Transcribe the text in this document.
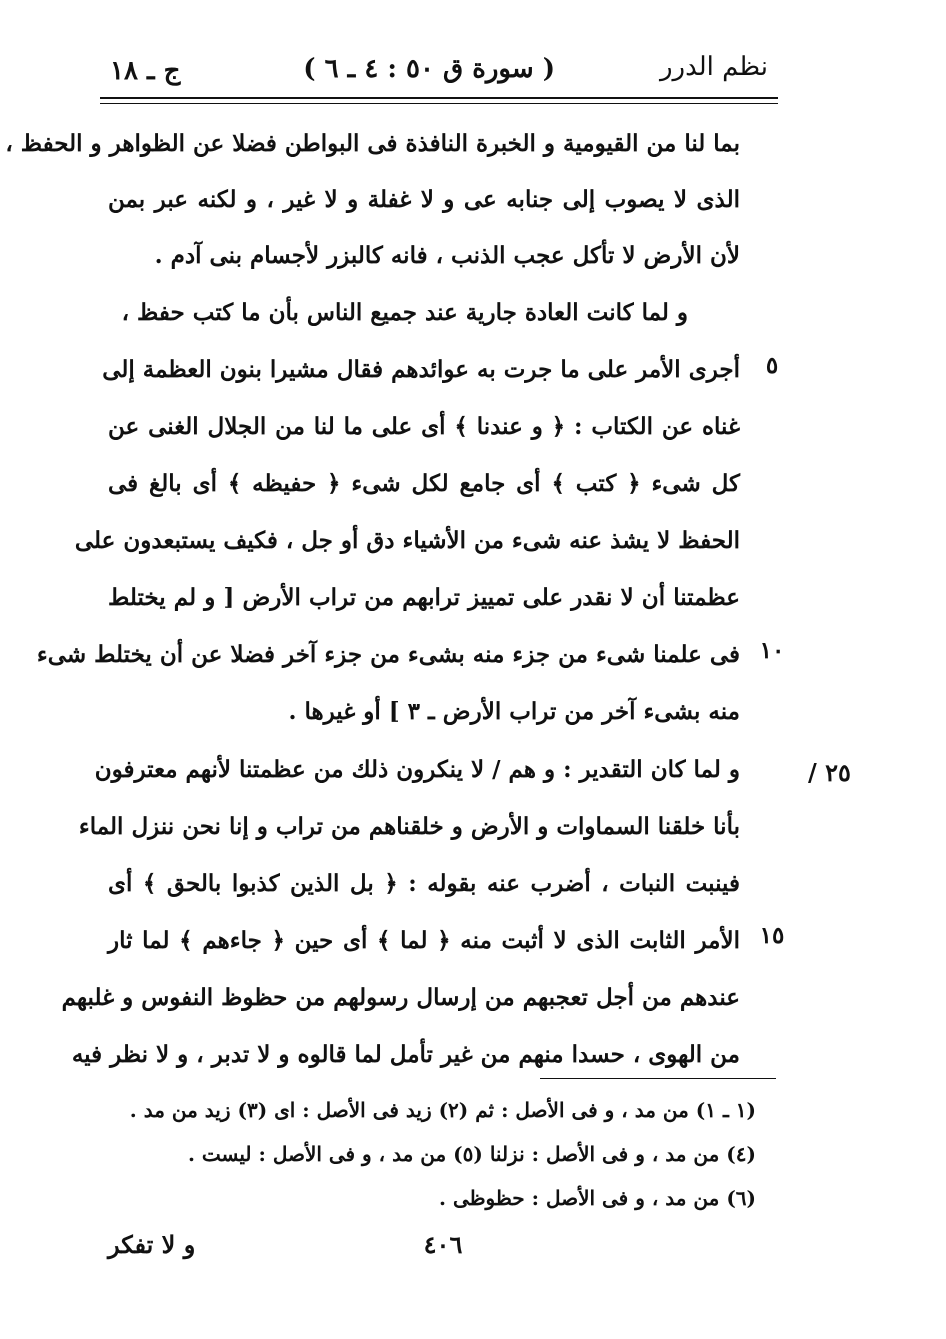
نظم الدرر
( سورة ق ٥٠ : ٤ ـ ٦ )
ج ـ ١٨
بما لنا من القيومية و الخبرة النافذة فى البواطن فضلا عن الظواهر و الحفظ ،
الذى لا يصوب إلى جنابه عى و لا غفلة و لا غير ، و لكنه عبر بمن
لأن الأرض لا تأكل عجب الذنب ، فانه كالبزر لأجسام بنى آدم .
و لما كانت العادة جارية عند جميع الناس بأن ما كتب حفظ ،
أجرى الأمر على ما جرت به عوائدهم فقال مشيرا بنون العظمة إلى
غناه عن الكتاب : ﴿ و عندنا ﴾ أى على ما لنا من الجلال الغنى عن
كل شىء ﴿ كتب ﴾ أى جامع لكل شىء ﴿ حفيظه ﴾ أى بالغ فى
الحفظ لا يشذ عنه شىء من الأشياء دق أو جل ، فكيف يستبعدون على
عظمتنا أن لا نقدر على تمييز ترابهم من تراب الأرض [ و لم يختلط
فى علمنا شىء من جزء منه بشىء من جزء آخر فضلا عن أن يختلط شىء
منه بشىء آخر من تراب الأرض ـ ٣ ] أو غيرها .
و لما كان التقدير : و هم / لا ينكرون ذلك من عظمتنا لأنهم معترفون
بأنا خلقنا السماوات و الأرض و خلقناهم من تراب و إنا نحن ننزل الماء
فينبت النبات ، أضرب عنه بقوله : ﴿ بل الذين كذبوا بالحق ﴾ أى
الأمر الثابت الذى لا أثبت منه ﴿ لما ﴾ أى حين ﴿ جاءهم ﴾ لما ثار
عندهم من أجل تعجبهم من إرسال رسولهم من حظوظ النفوس و غلبهم
من الهوى ، حسدا منهم من غير تأمل لما قالوه و لا تدبر ، و لا نظر فيه
٥
١٠
١٥
٢٥ /
(١ ـ ١) من مد ، و فى الأصل : ثم (٢) زيد فى الأصل : اى (٣) زيد من مد .
(٤) من مد ، و فى الأصل : نزلنا (٥) من مد ، و فى الأصل : ليست .
(٦) من مد ، و فى الأصل : حظوظى .
٤٠٦
و لا تفكر
